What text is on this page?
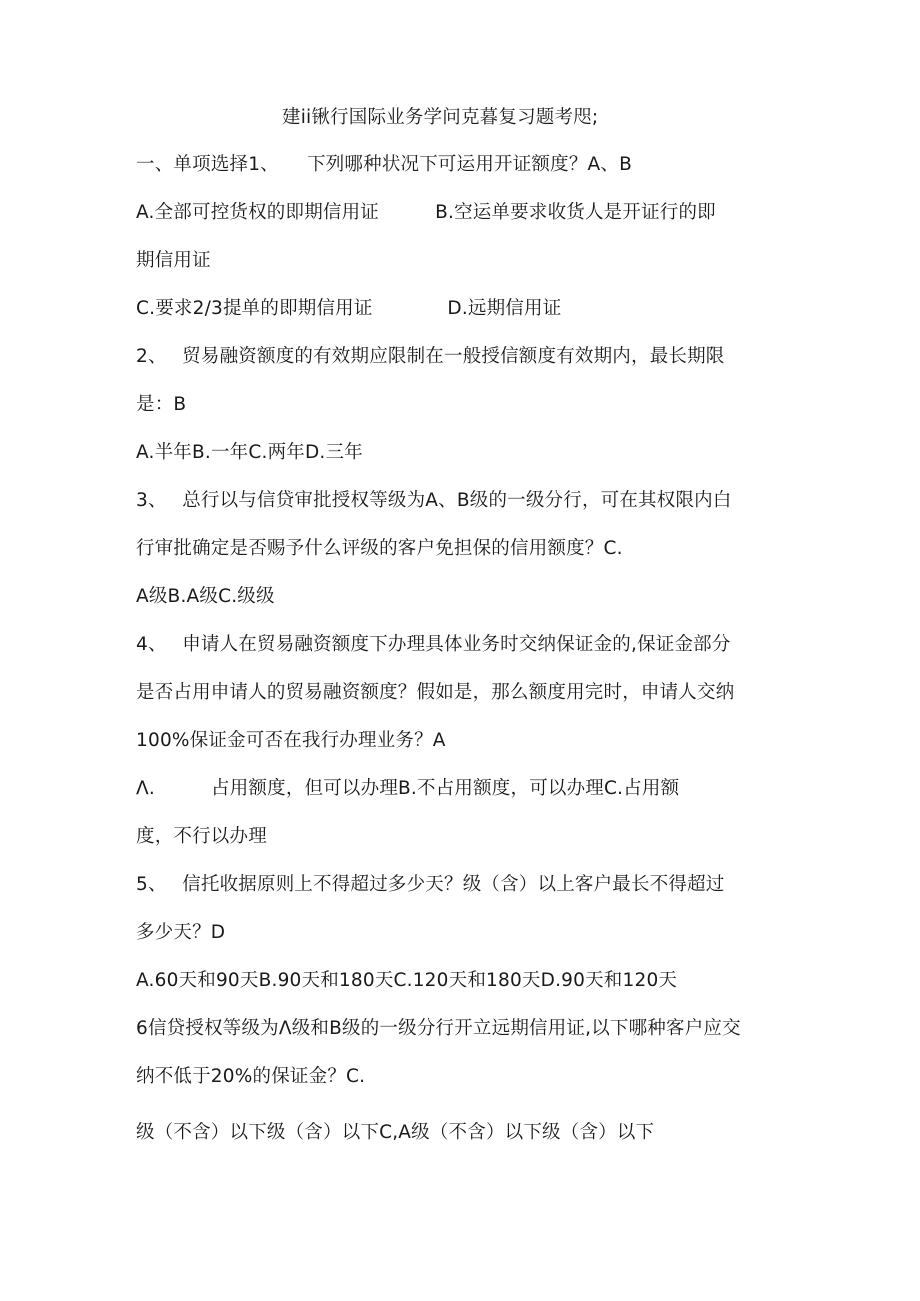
建ii锹行国际业务学问克暮复习题考咫;
一、单项选择1、　　下列哪种状况下可运用开证额度？A、B
A.全部可控货权的即期信用证　　　B.空运单要求收货人是开证行的即
期信用证
C.要求2/3提单的即期信用证　　　　D.远期信用证
2、　 贸易融资额度的有效期应限制在一般授信额度有效期内，最长期限
是：B
A.半年B.一年C.两年D.三年
3、　 总行以与信贷审批授权等级为A、B级的一级分行，可在其权限内白
行审批确定是否赐予什么评级的客户免担保的信用额度？C.
A级B.A级C.级级
4、　 申请人在贸易融资额度下办理具体业务时交纳保证金的,保证金部分
是否占用申请人的贸易融资额度？假如是，那么额度用完时，申请人交纳
100%保证金可否在我行办理业务？A
Λ.　　　占用额度，但可以办理B.不占用额度，可以办理C.占用额
度，不行以办理
5、　 信托收据原则上不得超过多少天？级（含）以上客户最长不得超过
多少天？D
A.60天和90天B.90天和180天C.120天和180天D.90天和120天
6信贷授权等级为Λ级和B级的一级分行开立远期信用证,以下哪种客户应交
纳不低于20%的保证金？C.
级（不含）以下级（含）以下C,A级（不含）以下级（含）以下
